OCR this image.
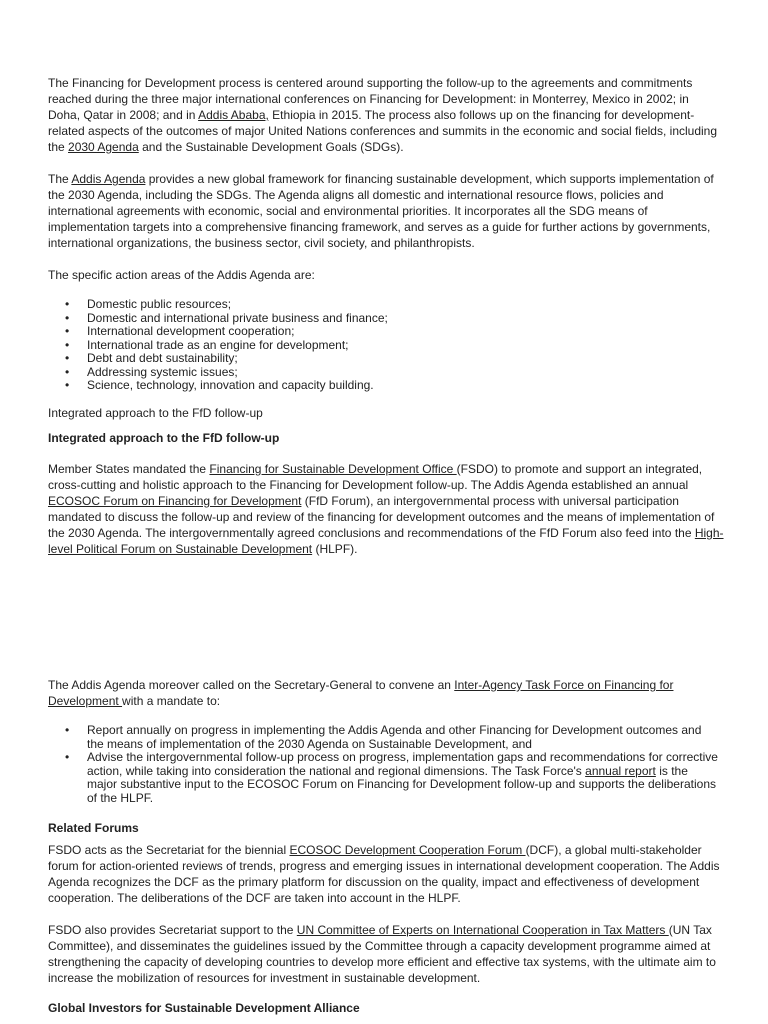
The Financing for Development process is centered around supporting the follow-up to the agreements and commitments reached during the three major international conferences on Financing for Development: in Monterrey, Mexico in 2002; in Doha, Qatar in 2008; and in Addis Ababa, Ethiopia in 2015. The process also follows up on the financing for development-related aspects of the outcomes of major United Nations conferences and summits in the economic and social fields, including the 2030 Agenda and the Sustainable Development Goals (SDGs).

The Addis Agenda provides a new global framework for financing sustainable development, which supports implementation of the 2030 Agenda, including the SDGs. The Agenda aligns all domestic and international resource flows, policies and international agreements with economic, social and environmental priorities. It incorporates all the SDG means of implementation targets into a comprehensive financing framework, and serves as a guide for further actions by governments, international organizations, the business sector, civil society, and philanthropists.

The specific action areas of the Addis Agenda are:

• Domestic public resources;
• Domestic and international private business and finance;
• International development cooperation;
• International trade as an engine for development;
• Debt and debt sustainability;
• Addressing systemic issues;
• Science, technology, innovation and capacity building.

Integrated approach to the FfD follow-up

Integrated approach to the FfD follow-up

Member States mandated the Financing for Sustainable Development Office (FSDO) to promote and support an integrated, cross-cutting and holistic approach to the Financing for Development follow-up. The Addis Agenda established an annual ECOSOC Forum on Financing for Development (FfD Forum), an intergovernmental process with universal participation mandated to discuss the follow-up and review of the financing for development outcomes and the means of implementation of the 2030 Agenda. The intergovernmentally agreed conclusions and recommendations of the FfD Forum also feed into the High-level Political Forum on Sustainable Development (HLPF).

The Addis Agenda moreover called on the Secretary-General to convene an Inter-Agency Task Force on Financing for Development with a mandate to:

• Report annually on progress in implementing the Addis Agenda and other Financing for Development outcomes and the means of implementation of the 2030 Agenda on Sustainable Development, and
• Advise the intergovernmental follow-up process on progress, implementation gaps and recommendations for corrective action, while taking into consideration the national and regional dimensions. The Task Force's annual report is the major substantive input to the ECOSOC Forum on Financing for Development follow-up and supports the deliberations of the HLPF.

Related Forums

FSDO acts as the Secretariat for the biennial ECOSOC Development Cooperation Forum (DCF), a global multi-stakeholder forum for action-oriented reviews of trends, progress and emerging issues in international development cooperation. The Addis Agenda recognizes the DCF as the primary platform for discussion on the quality, impact and effectiveness of development cooperation. The deliberations of the DCF are taken into account in the HLPF.

FSDO also provides Secretariat support to the UN Committee of Experts on International Cooperation in Tax Matters (UN Tax Committee), and disseminates the guidelines issued by the Committee through a capacity development programme aimed at strengthening the capacity of developing countries to develop more efficient and effective tax systems, with the ultimate aim to increase the mobilization of resources for investment in sustainable development.

Global Investors for Sustainable Development Alliance
